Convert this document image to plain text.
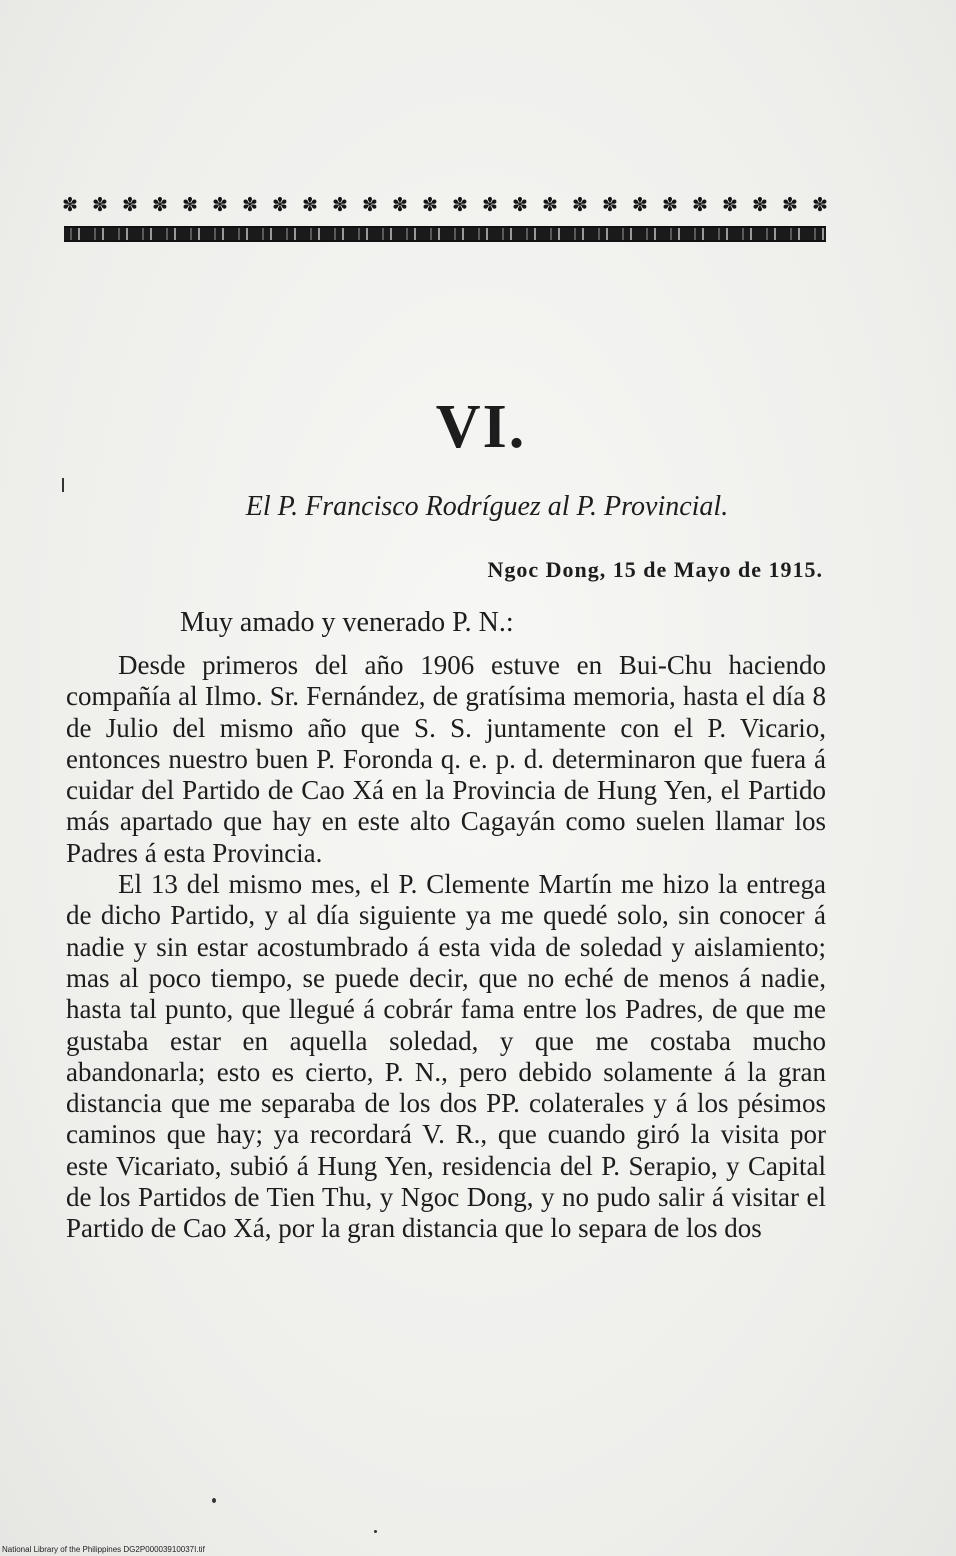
✽ ✽ ✽ ✽ ✽ ✽ ✽ ✽ ✽ ✽ ✽ ✽ ✽ ✽ ✽ ✽ ✽ ✽ ✽ ✽ ✽ ✽ ✽ ✽ ✽ ✽
VI.
El P. Francisco Rodríguez al P. Provincial.
Ngoc Dong, 15 de Mayo de 1915.
Muy amado y venerado P. N.:

Desde primeros del año 1906 estuve en Bui-Chu haciendo compañía al Ilmo. Sr. Fernández, de gratísima memoria, hasta el día 8 de Julio del mismo año que S. S. juntamente con el P. Vicario, entonces nuestro buen P. Foronda q. e. p. d. determinaron que fuera á cuidar del Partido de Cao Xá en la Provincia de Hung Yen, el Partido más apartado que hay en este alto Cagayán como suelen llamar los Padres á esta Provincia.

El 13 del mismo mes, el P. Clemente Martín me hizo la entrega de dicho Partido, y al día siguiente ya me quedé solo, sin conocer á nadie y sin estar acostumbrado á esta vida de soledad y aislamiento; mas al poco tiempo, se puede decir, que no eché de menos á nadie, hasta tal punto, que llegué á cobrár fama entre los Padres, de que me gustaba estar en aquella soledad, y que me costaba mucho abandonarla; esto es cierto, P. N., pero debido solamente á la gran distancia que me separaba de los dos PP. colaterales y á los pésimos caminos que hay; ya recordará V. R., que cuando giró la visita por este Vicariato, subió á Hung Yen, residencia del P. Serapio, y Capital de los Partidos de Tien Thu, y Ngoc Dong, y no pudo salir á visitar el Partido de Cao Xá, por la gran distancia que lo separa de los dos

National Library of the Philippines DG2P00003910037I.tif
